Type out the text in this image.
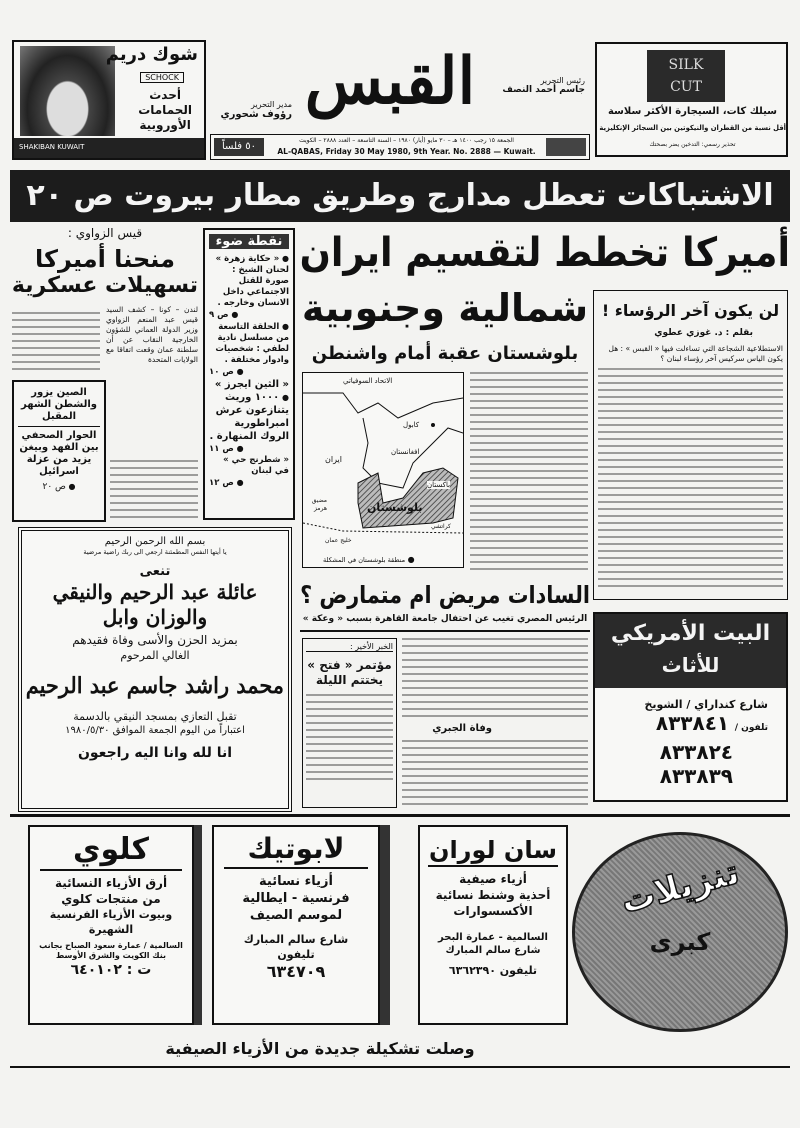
شوك دريم
SCHOCK
أحدث
الحمامات
الأوروبية
SHAKIBAN KUWAIT
القبس	رئيس التحرير
جاسم أحمد النصف
مدير التحرير
رؤوف شحوري
٥٠ فلساً
الجمعة ١٥ رجب ١٤٠٠ هـ – ٣٠ مايو (أيار) ١٩٨٠ – السنة التاسعة – العدد ٢٨٨٨ – الكويت
AL-QABAS, Friday 30 May 1980, 9th Year. No. 2888 — Kuwait.
SILK
CUT
سيلك كات، السيجارة الأكثر سلاسة
أقل نسبة من القطران والنيكوتين بين السجائر الإنكليزية
تحذير رسمي: التدخين يضر بصحتك
الاشتباكات تعطل مدارج وطريق مطار بيروت ص ٢٠
قيس الزواوي :
منحنا أميركا
تسهيلات عسكرية
لندن – كونا – كشف السيد قيس عبد المنعم الزواوي وزير الدولة العماني للشؤون الخارجية النقاب عن أن سلطنة عمان وقعت اتفاقا مع الولايات المتحدة
الصين يزور والشطن الشهر المقبل
الحوار الصحفي بين الفهد وبيغن يزيد من عزلة اسرائيل
● ص ٢٠
نقطة ضوء
● « حكاية زهرة » لحنان الشيخ : صورة للقتل الاجتماعي داخل الانسان وخارجه .
● ص ٩
● الحلقة التاسعة من مسلسل نادية لطفي : شخصيات وادوار مختلفة .
● ص ١٠
« الثين ايجرز »
● ١٠٠٠ وريث يتنازعون عرش امبراطورية الروك المنهارة .
● ص ١١
« شطرنج حي » في لبنان
● ص ١٢
أميركا تخطط لتقسيم ايران
شمالية وجنوبية
بلوشستان عقبة أمام واشنطن
الاتحاد السوفياتي
كابول
افغانستان
ايران
باكستان
بلوشستان
مضيق هرمز
كراتشي
خليج عمان
● منطقة بلوشستان في المشكلة
لن يكون آخر الرؤساء !
بقلم : د. غوزي عطوي
الاستطلاعية الشجاعة التي تساءلت فيها « القبس » : هل يكون الياس سركيس آخر رؤساء لبنان ؟
السادات مريض ام متمارض ؟
الرئيس المصري تغيب عن احتفال جامعة القاهرة بسبب « وعكة »
الخبر الأخير :
مؤتمر « فتح » يختتم الليلة
وفاة الجبري
بسم الله الرحمن الرحيم
يا أيتها النفس المطمئنة ارجعي الى ربك راضية مرضية
تنعى
عائلة عبد الرحيم والنيقي
والوزان وابل
بمزيد الحزن والأسى وفاة فقيدهم
الغالي المرحوم
محمد راشد جاسم عبد الرحيم
تقبل التعازي بمسجد النيقي بالدسمة
اعتباراً من اليوم الجمعة الموافق ١٩٨٠/٥/٣٠
انا لله وانا اليه راجعون
البيت الأمريكي
للأثاث
شارع كنداراي / الشويخ
تلفون / ٨٣٣٨٤١
٨٣٣٨٢٤
٨٣٣٨٣٩
كلوي
أرق الأزياء النسائية
من منتجات كلوي
وبيوت الأزياء الفرنسية
الشهيرة
السالمية / عمارة سعود الصباح بجانب بنك الكويت والشرق الأوسط
ت : ٦٤٠١٠٢
لابوتيك
أزياء نسائية
فرنسية - ايطالية
لموسم الصيف
شارع سالم المبارك
تليفون
٦٣٤٧٠٩
سان لوران
أزياء صيفية
أحذية وشنط نسائية
الأكسسوارات
السالمية - عمارة البحر شارع سالم المبارك
تليفون ٦٣٦٢٣٩٠
تنزيلات
كبرى
وصلت تشكيلة جديدة من الأزياء الصيفية
